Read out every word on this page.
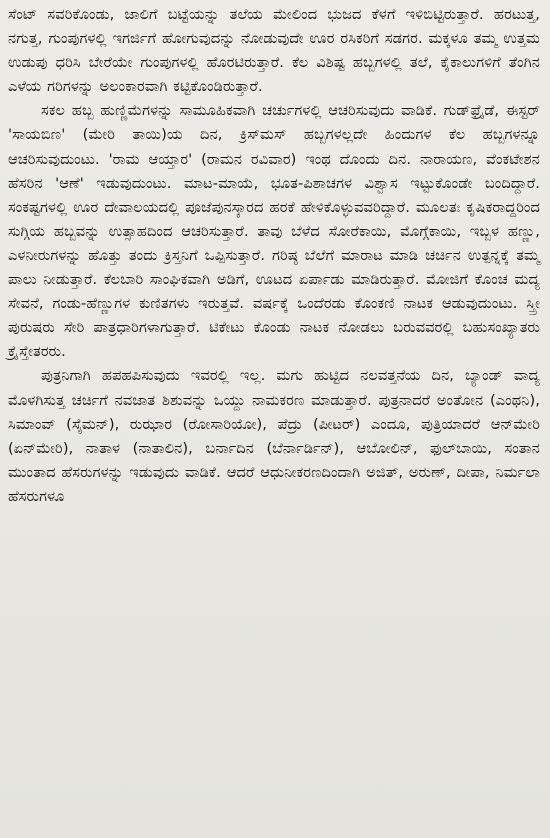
ಸೆಂಟ್ ಸವರಿಕೊಂಡು, ಜಾಲಿಗೆ ಬಟ್ಟೆಯನ್ನು ತಲೆಯ ಮೇಲಿಂದ ಭುಜದ ಕೆಳಗೆ ಇಳಿಬಿಟ್ಟಿರುತ್ತಾರೆ. ಹರಟುತ್ತ, ನಗುತ್ತ, ಗುಂಪುಗಳಲ್ಲಿ ಇಗರ್ಜಿಗೆ ಹೋಗುವುದನ್ನು ನೋಡುವುದೇ ಊರ ರಸಿಕರಿಗೆ ಸಡಗರ. ಮಕ್ಕಳೂ ತಮ್ಮ ಉತ್ತಮ ಉಡುಪು ಧರಿಸಿ ಬೇರೆಯೇ ಗುಂಪುಗಳಲ್ಲಿ ಹೊರಟಿರುತ್ತಾರೆ. ಕೆಲ ವಿಶಿಷ್ಟ ಹಬ್ಬಗಳಲ್ಲಿ ತಲೆ, ಕೈಕಾಲುಗಳಿಗೆ ತೆಂಗಿನ ಎಳೆಯ ಗರಿಗಳನ್ನು ಅಲಂಕಾರವಾಗಿ ಕಟ್ಟಿಕೊಂಡಿರುತ್ತಾರೆ.

ಸಕಲ ಹಬ್ಬ ಹುಣ್ಣಿಮೆಗಳನ್ನು ಸಾಮೂಹಿಕವಾಗಿ ಚರ್ಚುಗಳಲ್ಲಿ ಆಚರಿಸುವುದು ವಾಡಿಕೆ. ಗುಡ್‌ಫ್ರೈಡೆ, ಈಸ್ಟರ್ 'ಸಾಯಬಿಣ' (ಮೇರಿ ತಾಯಿ)ಯ ದಿನ, ಕ್ರಿಸ್‌ಮಸ್ ಹಬ್ಬಗಳಲ್ಲದೇ ಹಿಂದುಗಳ ಕೆಲ ಹಬ್ಬಗಳನ್ನೂ ಆಚರಿಸುವುದುಂಟು. 'ರಾಮ ಆಯ್ತಾರ' (ರಾಮನ ರವಿವಾರ) ಇಂಥ ದೊಂದು ದಿನ. ನಾರಾಯಣ, ವೆಂಕಟೇಶನ ಹೆಸರಿನ 'ಆಣೆ' ಇಡುವುದುಂಟು. ಮಾಟ-ಮಾಯೆ, ಭೂತ-ಪಿಶಾಚಗಳ ವಿಶ್ವಾಸ ಇಟ್ಟುಕೊಂಡೇ ಬಂದಿದ್ದಾರೆ. ಸಂಕಷ್ಟಗಳಲ್ಲಿ ಊರ ದೇವಾಲಯದಲ್ಲಿ ಪೂಜೆಪುನಸ್ಕಾರದ ಹರಕೆ ಹೇಳಿಕೊಳ್ಳುವವರಿದ್ದಾರೆ. ಮೂಲತಃ ಕೃಷಿಕರಾದ್ದರಿಂದ ಸುಗ್ಗಿಯ ಹಬ್ಬವನ್ನು ಉತ್ಸಾಹದಿಂದ ಆಚರಿಸುತ್ತಾರೆ. ತಾವು ಬೆಳೆದ ಸೋರೆಕಾಯಿ, ಮೊಗ್ಗೆಕಾಯಿ, ಇಬ್ಬಳ ಹಣ್ಣು, ಎಳನೀರುಗಳನ್ನು ಹೊತ್ತು ತಂದು ಕ್ರಿಸ್ತನಿಗೆ ಒಪ್ಪಿಸುತ್ತಾರೆ. ಗರಿಷ್ಠ ಬೆಲೆಗೆ ಮಾರಾಟ ಮಾಡಿ ಚರ್ಚಿನ ಉತ್ಪನ್ನಕ್ಕೆ ತಮ್ಮ ಪಾಲು ನೀಡುತ್ತಾರೆ. ಕೆಲಬಾರಿ ಸಾಂಘಿಕವಾಗಿ ಅಡಿಗೆ, ಊಟದ ಏರ್ಪಾಡು ಮಾಡಿರುತ್ತಾರೆ. ಮೋಜಿಗೆ ಕೊಂಚ ಮದ್ಯ ಸೇವನೆ, ಗಂಡು-ಹೆಣ್ಣುಗಳ ಕುಣಿತಗಳು ಇರುತ್ತವೆ. ವರ್ಷಕ್ಕೆ ಒಂದೆರಡು ಕೊಂಕಣಿ ನಾಟಕ ಆಡುವುದುಂಟು. ಸ್ತ್ರೀ ಪುರುಷರು ಸೇರಿ ಪಾತ್ರಧಾರಿಗಳಾಗುತ್ತಾರೆ. ಟಿಕೇಟು ಕೊಂಡು ನಾಟಕ ನೋಡಲು ಬರುವವರಲ್ಲಿ ಬಹುಸಂಖ್ಯಾತರು ಕ್ರೈಸ್ತೇತರರು.

ಪುತ್ರನಿಗಾಗಿ ಹಪಹಪಿಸುವುದು ಇವರಲ್ಲಿ ಇಲ್ಲ. ಮಗು ಹುಟ್ಟಿದ ನಲವತ್ತನೆಯ ದಿನ, ಬ್ಯಾಂಡ್ ವಾದ್ಯ ಮೊಳಗಿಸುತ್ತ ಚರ್ಚಿಗೆ ನವಜಾತ ಶಿಶುವನ್ನು ಒಯ್ದು ನಾಮಕರಣ ಮಾಡುತ್ತಾರೆ. ಪುತ್ರನಾದರೆ ಅಂತೋನ (ಎಂಥನಿ), ಸಿಮಾಂವ್ (ಸೈಮನ್), ರುಝಾರ (ರೋಸಾರಿಯೋ), ಪೆದ್ರು (ಪೀಟರ್) ಎಂದೂ, ಪುತ್ರಿಯಾದರೆ ಆನ್‌ಮೇರಿ (ಏನ್‌ಮೇರಿ), ನಾತಾಳ (ನಾತಾಲಿನ), ಬರ್ನಾದಿನ (ಬೆರ್ನಾರ್ಡಿನ್), ಆಬೋಲಿನ್, ಫುಲ್‌ಬಾಯಿ, ಸಂತಾನ ಮುಂತಾದ ಹೆಸರುಗಳನ್ನು ಇಡುವುದು ವಾಡಿಕೆ. ಆದರೆ ಆಧುನೀಕರಣದಿಂದಾಗಿ ಅಜಿತ್, ಅರುಣ್, ದೀಪಾ, ನಿರ್ಮಲಾ ಹೆಸರುಗಳೂ
